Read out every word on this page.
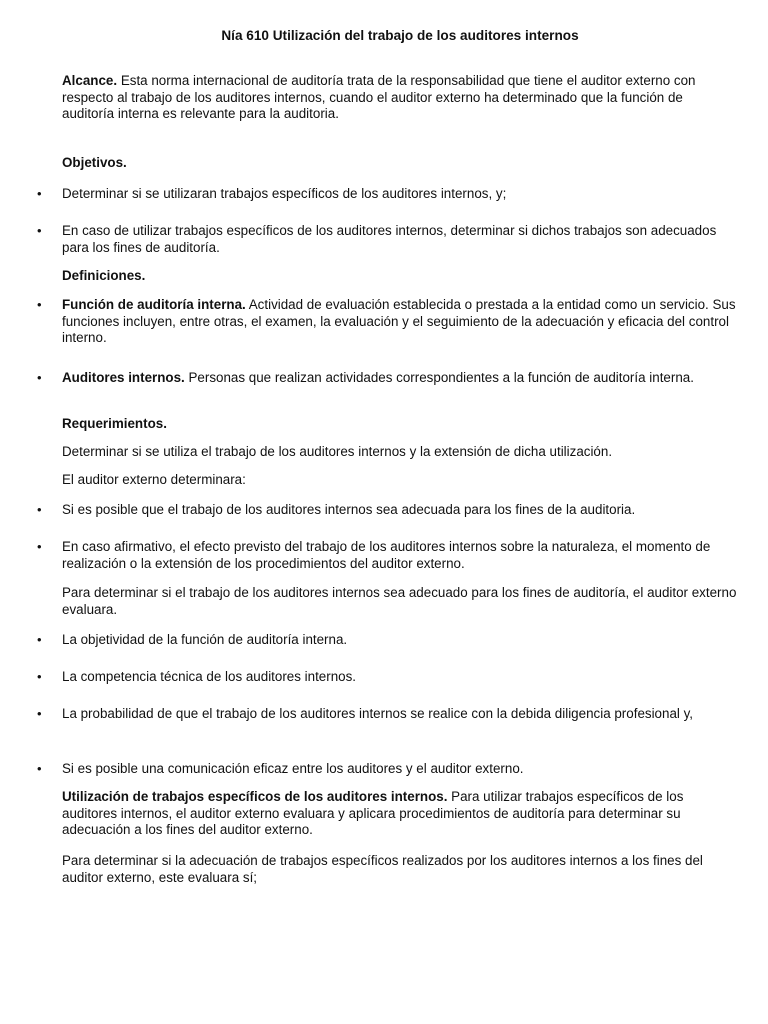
Nía 610 Utilización del trabajo de los auditores internos
Alcance. Esta norma internacional de auditoría trata de la responsabilidad que tiene el auditor externo con respecto al trabajo de los auditores internos, cuando el auditor externo ha determinado que la función de auditoría interna es relevante para la auditoria.
Objetivos.
• Determinar si se utilizaran trabajos específicos de los auditores internos, y;
• En caso de utilizar trabajos específicos de los auditores internos, determinar si dichos trabajos son adecuados para los fines de auditoría.
Definiciones.
• Función de auditoría interna. Actividad de evaluación establecida o prestada a la entidad como un servicio. Sus funciones incluyen, entre otras, el examen, la evaluación y el seguimiento de la adecuación y eficacia del control interno.
• Auditores internos. Personas que realizan actividades correspondientes a la función de auditoría interna.
Requerimientos.
Determinar si se utiliza el trabajo de los auditores internos y la extensión de dicha utilización.
El auditor externo determinara:
• Si es posible que el trabajo de los auditores internos sea adecuada para los fines de la auditoria.
• En caso afirmativo, el efecto previsto del trabajo de los auditores internos sobre la naturaleza, el momento de realización o la extensión de los procedimientos del auditor externo.
Para determinar si el trabajo de los auditores internos sea adecuado para los fines de auditoría, el auditor externo evaluara.
• La objetividad de la función de auditoría interna.
• La competencia técnica de los auditores internos.
• La probabilidad de que el trabajo de los auditores internos se realice con la debida diligencia profesional y,
• Si es posible una comunicación eficaz entre los auditores y el auditor externo.
Utilización de trabajos específicos de los auditores internos. Para utilizar trabajos específicos de los auditores internos, el auditor externo evaluara y aplicara procedimientos de auditoría para determinar su adecuación a los fines del auditor externo.
Para determinar si la adecuación de trabajos específicos realizados por los auditores internos a los fines del auditor externo, este evaluara sí;
